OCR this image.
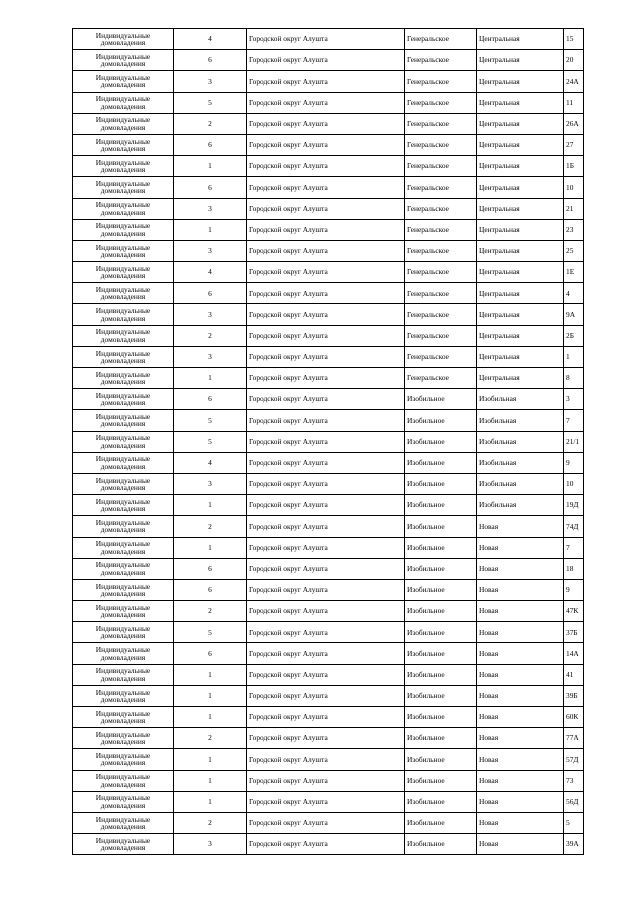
Индивидуальные домовладения	4	Городской округ Алушта	Генеральское	Центральная	15
Индивидуальные домовладения	6	Городской округ Алушта	Генеральское	Центральная	20
Индивидуальные домовладения	3	Городской округ Алушта	Генеральское	Центральная	24А
Индивидуальные домовладения	5	Городской округ Алушта	Генеральское	Центральная	11
Индивидуальные домовладения	2	Городской округ Алушта	Генеральское	Центральная	26А
Индивидуальные домовладения	6	Городской округ Алушта	Генеральское	Центральная	27
Индивидуальные домовладения	1	Городской округ Алушта	Генеральское	Центральная	1Б
Индивидуальные домовладения	6	Городской округ Алушта	Генеральское	Центральная	10
Индивидуальные домовладения	3	Городской округ Алушта	Генеральское	Центральная	21
Индивидуальные домовладения	1	Городской округ Алушта	Генеральское	Центральная	23
Индивидуальные домовладения	3	Городской округ Алушта	Генеральское	Центральная	25
Индивидуальные домовладения	4	Городской округ Алушта	Генеральское	Центральная	1Е
Индивидуальные домовладения	6	Городской округ Алушта	Генеральское	Центральная	4
Индивидуальные домовладения	3	Городской округ Алушта	Генеральское	Центральная	9А
Индивидуальные домовладения	2	Городской округ Алушта	Генеральское	Центральная	2Б
Индивидуальные домовладения	3	Городской округ Алушта	Генеральское	Центральная	1
Индивидуальные домовладения	1	Городской округ Алушта	Генеральское	Центральная	8
Индивидуальные домовладения	6	Городской округ Алушта	Изобильное	Изобильная	3
Индивидуальные домовладения	5	Городской округ Алушта	Изобильное	Изобильная	7
Индивидуальные домовладения	5	Городской округ Алушта	Изобильное	Изобильная	21/1
Индивидуальные домовладения	4	Городской округ Алушта	Изобильное	Изобильная	9
Индивидуальные домовладения	3	Городской округ Алушта	Изобильное	Изобильная	10
Индивидуальные домовладения	1	Городской округ Алушта	Изобильное	Изобильная	19Д
Индивидуальные домовладения	2	Городской округ Алушта	Изобильное	Новая	74Д
Индивидуальные домовладения	1	Городской округ Алушта	Изобильное	Новая	7
Индивидуальные домовладения	6	Городской округ Алушта	Изобильное	Новая	18
Индивидуальные домовладения	6	Городской округ Алушта	Изобильное	Новая	9
Индивидуальные домовладения	2	Городской округ Алушта	Изобильное	Новая	47К
Индивидуальные домовладения	5	Городской округ Алушта	Изобильное	Новая	37Б
Индивидуальные домовладения	6	Городской округ Алушта	Изобильное	Новая	14А
Индивидуальные домовладения	1	Городской округ Алушта	Изобильное	Новая	41
Индивидуальные домовладения	1	Городской округ Алушта	Изобильное	Новая	39Б
Индивидуальные домовладения	1	Городской округ Алушта	Изобильное	Новая	60К
Индивидуальные домовладения	2	Городской округ Алушта	Изобильное	Новая	77А
Индивидуальные домовладения	1	Городской округ Алушта	Изобильное	Новая	57Д
Индивидуальные домовладения	1	Городской округ Алушта	Изобильное	Новая	73
Индивидуальные домовладения	1	Городской округ Алушта	Изобильное	Новая	56Д
Индивидуальные домовладения	2	Городской округ Алушта	Изобильное	Новая	5
Индивидуальные домовладения	3	Городской округ Алушта	Изобильное	Новая	39А
